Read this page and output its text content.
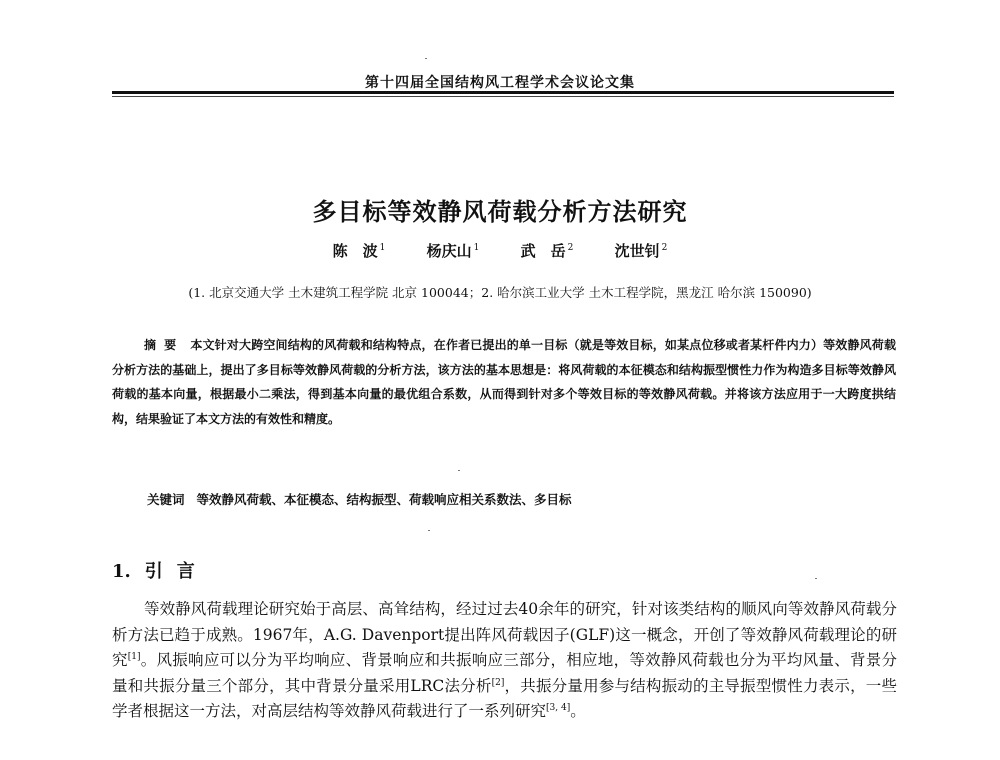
第十四届全国结构风工程学术会议论文集
多目标等效静风荷载分析方法研究
陈　波 $^1$	杨庆山 $^1$	武　岳 $^2$	沈世钊 $^2$
(1. 北京交通大学 土木建筑工程学院 北京 100044；2. 哈尔滨工业大学 土木工程学院，黑龙江 哈尔滨 150090)
摘要 本文针对大跨空间结构的风荷载和结构特点，在作者已提出的单一目标（就是等效目标，如某点位移或者某杆件内力）等效静风荷载分析方法的基础上，提出了多目标等效静风荷载的分析方法，该方法的基本思想是：将风荷载的本征模态和结构振型惯性力作为构造多目标等效静风荷载的基本向量，根据最小二乘法，得到基本向量的最优组合系数，从而得到针对多个等效目标的等效静风荷载。并将该方法应用于一大跨度拱结构，结果验证了本文方法的有效性和精度。
关键词 等效静风荷载、本征模态、结构振型、荷载响应相关系数法、多目标
1. 引言

等效静风荷载理论研究始于高层、高耸结构，经过过去40余年的研究，针对该类结构的顺风向等效静风荷载分析方法已趋于成熟。1967年，A.G. Davenport提出阵风荷载因子(GLF)这一概念，开创了等效静风荷载理论的研究[1]。风振响应可以分为平均响应、背景响应和共振响应三部分，相应地，等效静风荷载也分为平均风量、背景分量和共振分量三个部分，其中背景分量采用LRC法分析[2]，共振分量用参与结构振动的主导振型惯性力表示，一些学者根据这一方法，对高层结构等效静风荷载进行了一系列研究[3, 4]。
